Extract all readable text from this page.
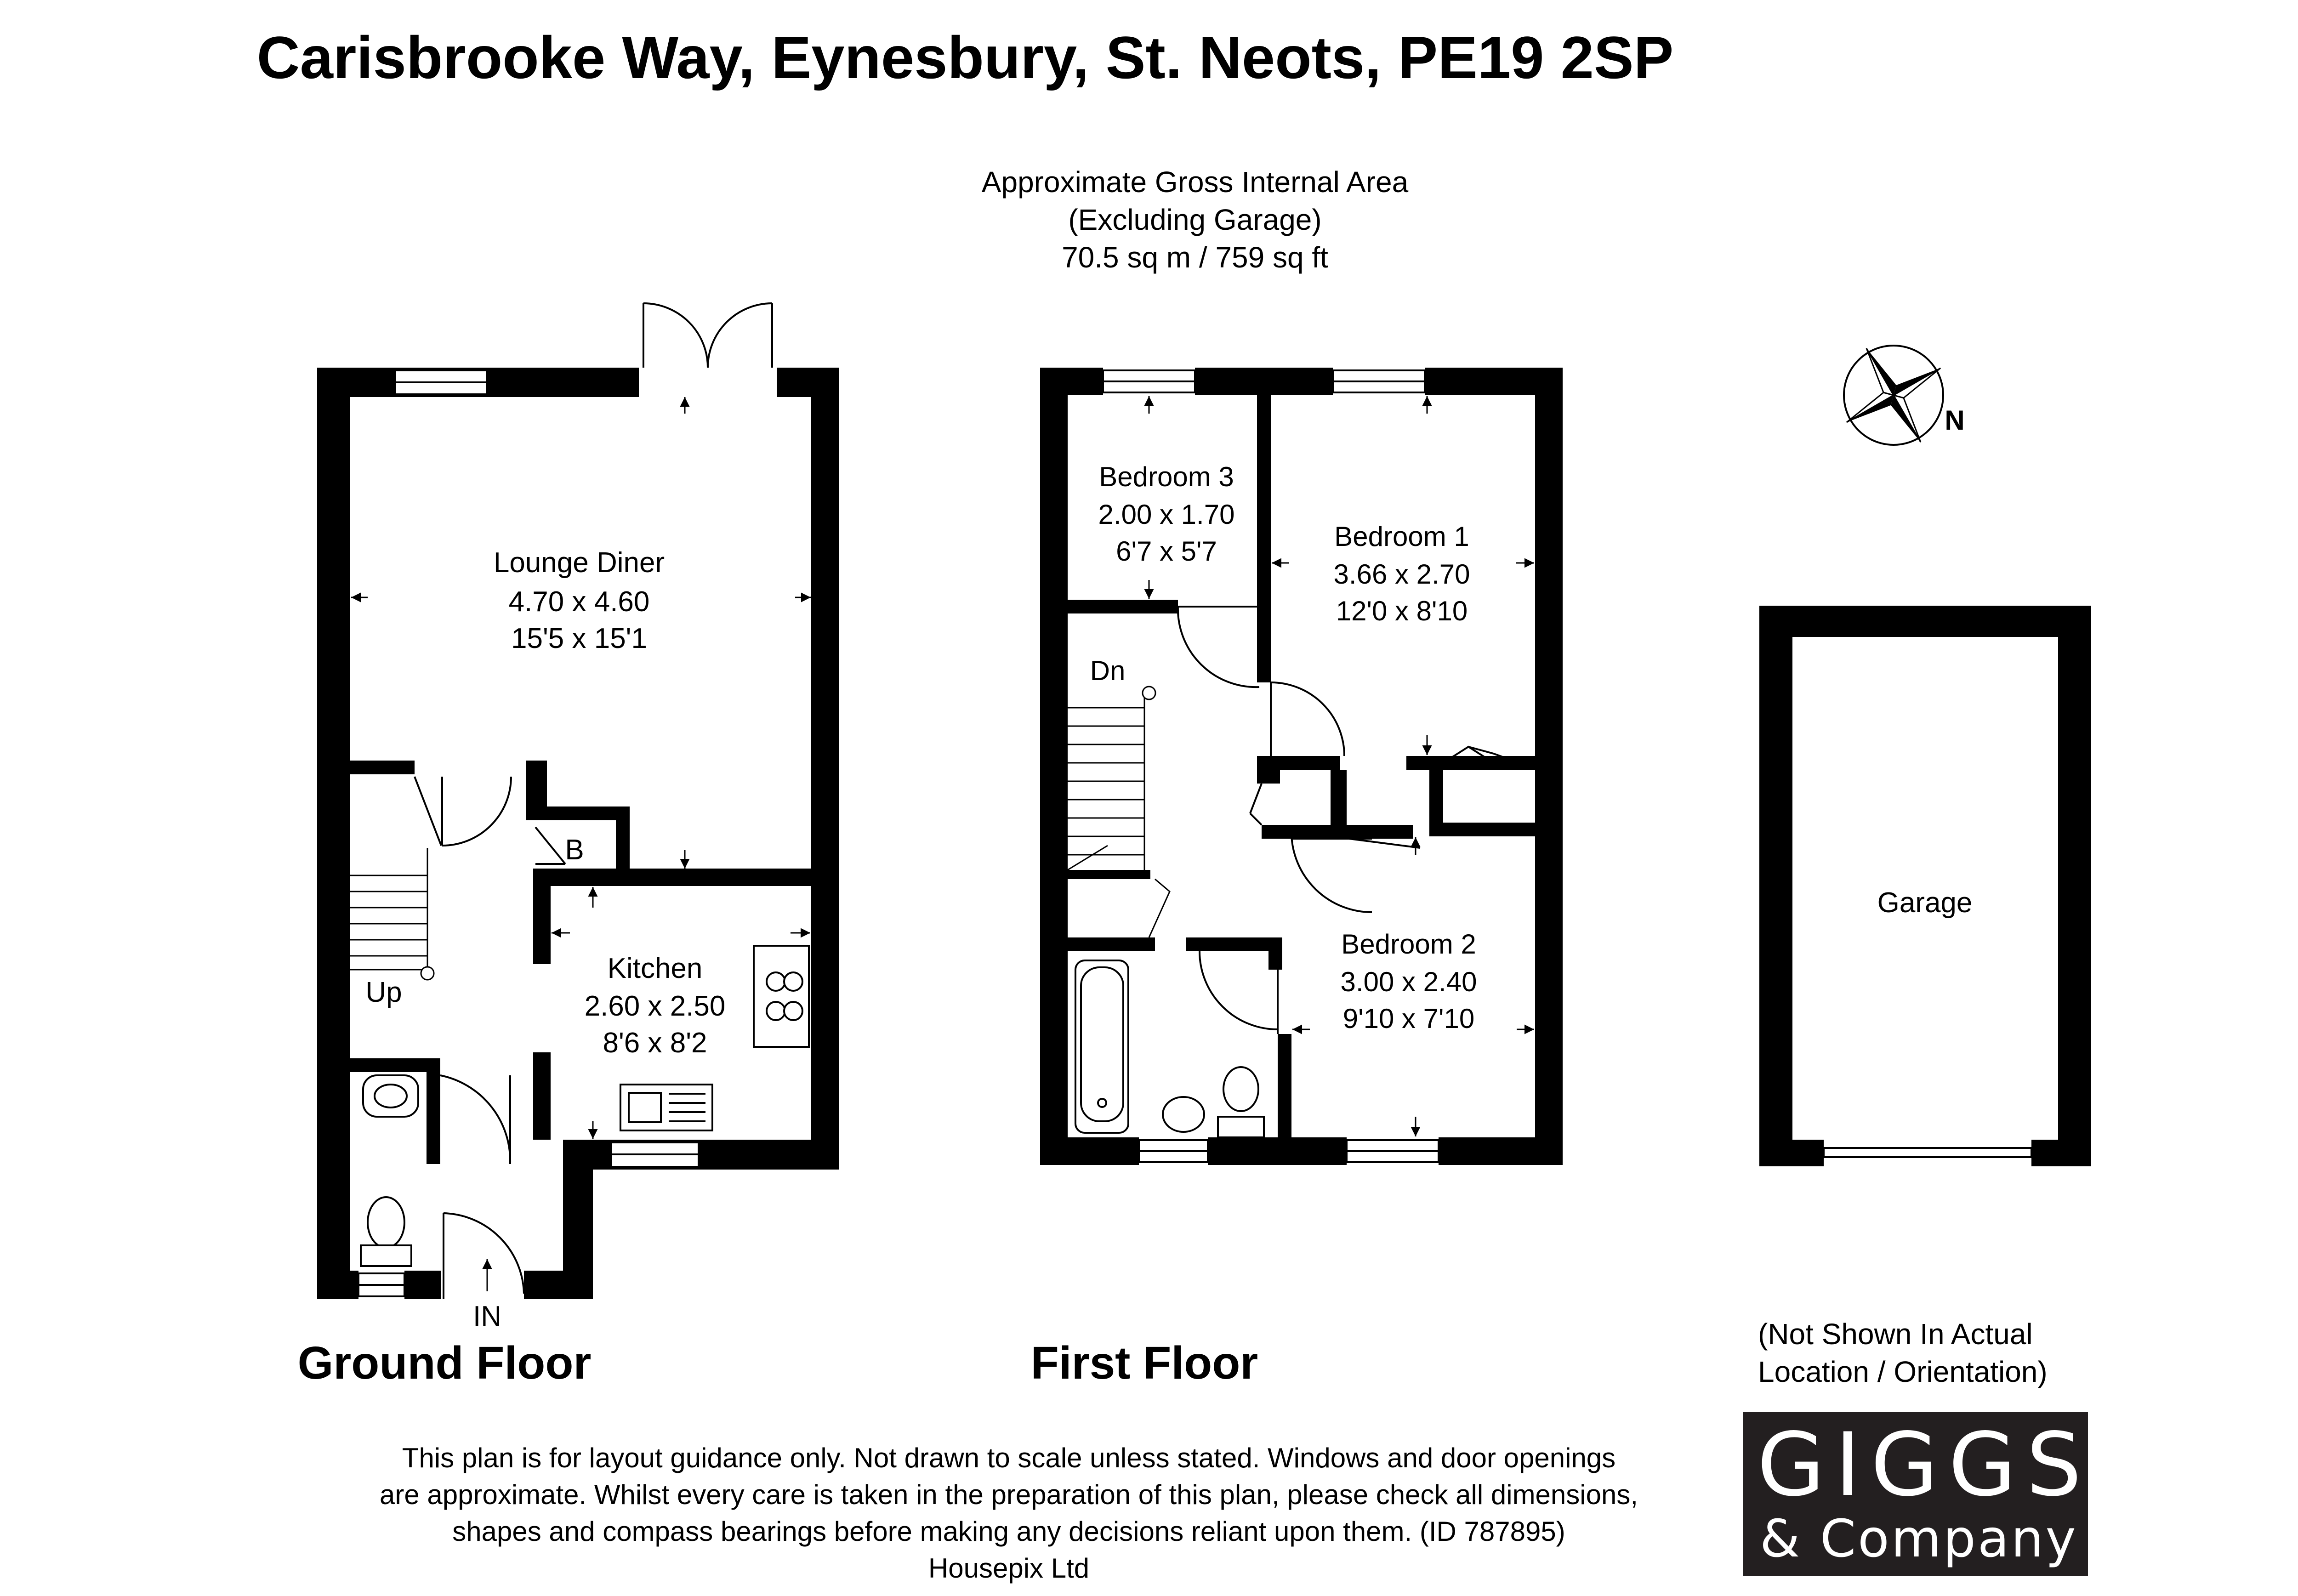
Carisbrooke Way, Eynesbury, St. Neots, PE19 2SP
Approximate Gross Internal Area
(Excluding Garage)
70.5 sq m / 759 sq ft
Lounge Diner
4.70 x 4.60
15'5 x 15'1
Kitchen
2.60 x 2.50
8'6 x 8'2
B
Up
IN
Ground Floor
Bedroom 3
2.00 x 1.70
6'7 x 5'7	Bedroom 1
3.66 x 2.70
12'0 x 8'10
Bedroom 2
3.00 x 2.40
9'10 x 7'10
Dn
First Floor
Garage
(Not Shown In Actual
Location / Orientation)
N
This plan is for layout guidance only. Not drawn to scale unless stated. Windows and door openings
are approximate. Whilst every care is taken in the preparation of this plan, please check all dimensions,
shapes and compass bearings before making any decisions reliant upon them. (ID 787895)
Housepix Ltd
GIGGS
& Company
